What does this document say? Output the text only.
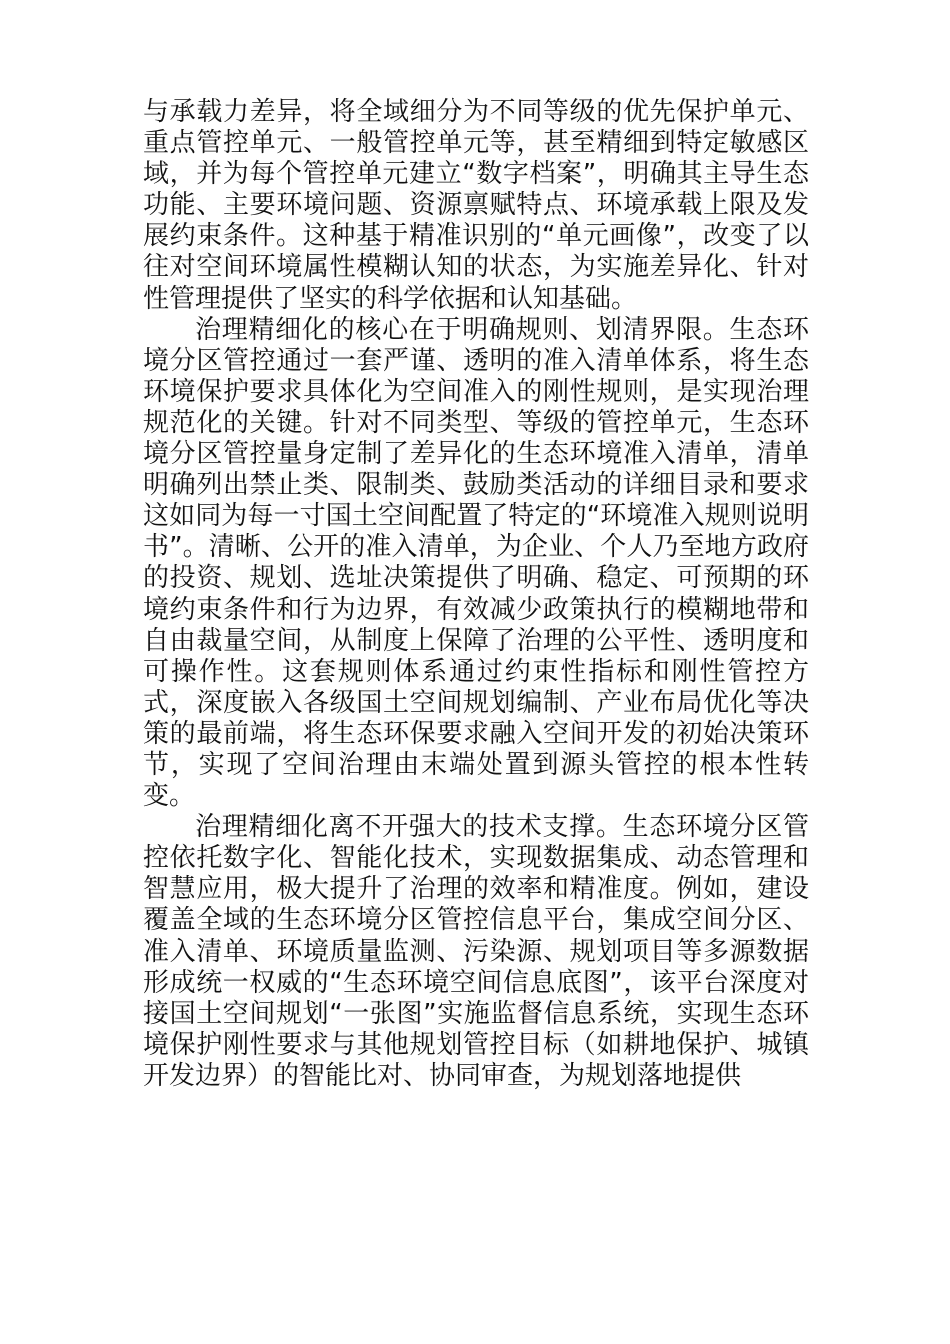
与承载力差异，将全域细分为不同等级的优先保护单元、重点管控单元、一般管控单元等，甚至精细到特定敏感区域，并为每个管控单元建立“数字档案”，明确其主导生态功能、主要环境问题、资源禀赋特点、环境承载上限及发展约束条件。这种基于精准识别的“单元画像”，改变了以往对空间环境属性模糊认知的状态，为实施差异化、针对性管理提供了坚实的科学依据和认知基础。

治理精细化的核心在于明确规则、划清界限。生态环境分区管控通过一套严谨、透明的准入清单体系，将生态环境保护要求具体化为空间准入的刚性规则，是实现治理规范化的关键。针对不同类型、等级的管控单元，生态环境分区管控量身定制了差异化的生态环境准入清单，清单明确列出禁止类、限制类、鼓励类活动的详细目录和要求这如同为每一寸国土空间配置了特定的“环境准入规则说明书”。清晰、公开的准入清单，为企业、个人乃至地方政府的投资、规划、选址决策提供了明确、稳定、可预期的环境约束条件和行为边界，有效减少政策执行的模糊地带和自由裁量空间，从制度上保障了治理的公平性、透明度和可操作性。这套规则体系通过约束性指标和刚性管控方式，深度嵌入各级国土空间规划编制、产业布局优化等决策的最前端，将生态环保要求融入空间开发的初始决策环节，实现了空间治理由末端处置到源头管控的根本性转变。

治理精细化离不开强大的技术支撑。生态环境分区管控依托数字化、智能化技术，实现数据集成、动态管理和智慧应用，极大提升了治理的效率和精准度。例如，建设覆盖全域的生态环境分区管控信息平台，集成空间分区、准入清单、环境质量监测、污染源、规划项目等多源数据形成统一权威的“生态环境空间信息底图”，该平台深度对接国土空间规划“一张图”实施监督信息系统，实现生态环境保护刚性要求与其他规划管控目标（如耕地保护、城镇开发边界）的智能比对、协同审查，为规划落地提供
